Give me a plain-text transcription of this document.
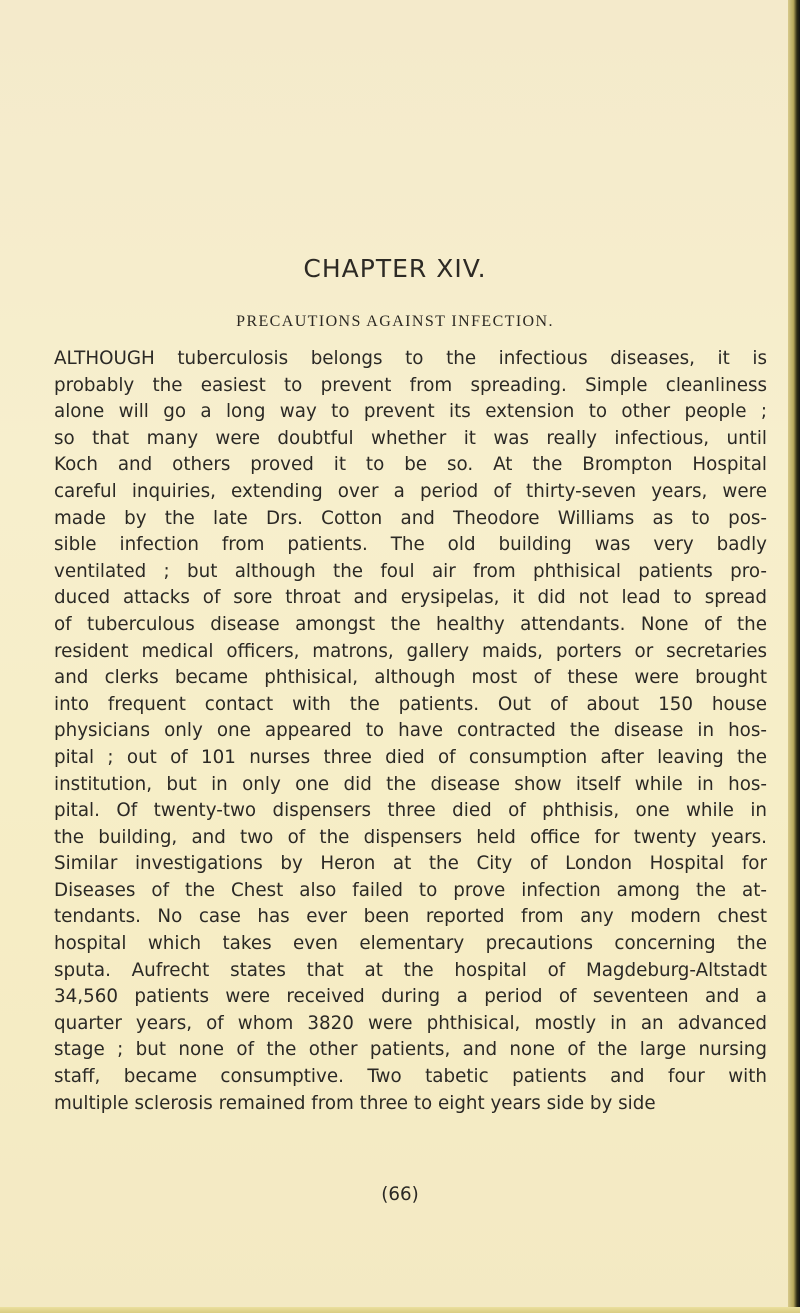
CHAPTER XIV.
PRECAUTIONS AGAINST INFECTION.
ALTHOUGH tuberculosis belongs to the infectious diseases, it is
probably the easiest to prevent from spreading. Simple cleanliness
alone will go a long way to prevent its extension to other people ;
so that many were doubtful whether it was really infectious, until
Koch and others proved it to be so. At the Brompton Hospital
careful inquiries, extending over a period of thirty-seven years, were
made by the late Drs. Cotton and Theodore Williams as to pos-
sible infection from patients. The old building was very badly
ventilated ; but although the foul air from phthisical patients pro-
duced attacks of sore throat and erysipelas, it did not lead to spread
of tuberculous disease amongst the healthy attendants. None of the
resident medical officers, matrons, gallery maids, porters or secretaries
and clerks became phthisical, although most of these were brought
into frequent contact with the patients. Out of about 150 house
physicians only one appeared to have contracted the disease in hos-
pital ; out of 101 nurses three died of consumption after leaving the
institution, but in only one did the disease show itself while in hos-
pital. Of twenty-two dispensers three died of phthisis, one while in
the building, and two of the dispensers held office for twenty years.
Similar investigations by Heron at the City of London Hospital for
Diseases of the Chest also failed to prove infection among the at-
tendants. No case has ever been reported from any modern chest
hospital which takes even elementary precautions concerning the
sputa. Aufrecht states that at the hospital of Magdeburg-Altstadt
34,560 patients were received during a period of seventeen and a
quarter years, of whom 3820 were phthisical, mostly in an advanced
stage ; but none of the other patients, and none of the large nursing
staff, became consumptive. Two tabetic patients and four with
multiple sclerosis remained from three to eight years side by side
(66)
